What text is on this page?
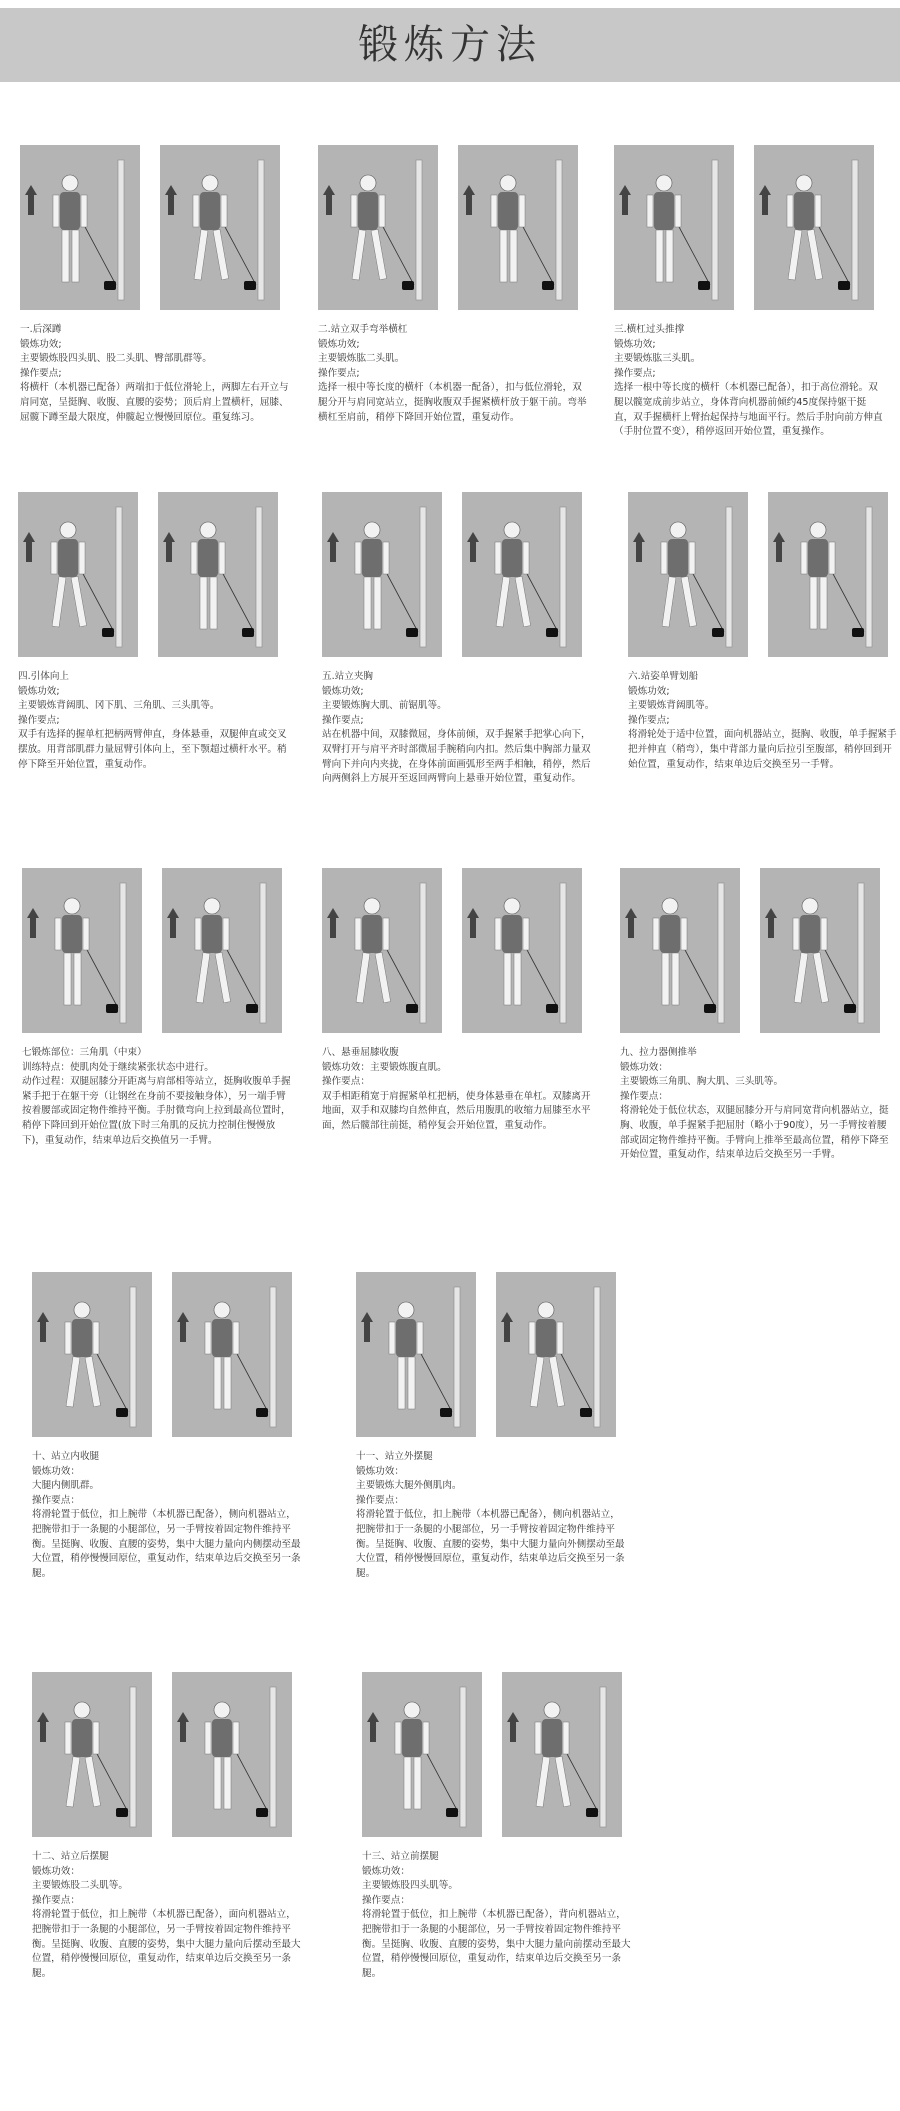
锻炼方法

一.后深蹲

锻炼功效;

主要锻炼股四头肌、股二头肌、臀部肌群等。

操作要点;

将横杆（本机器已配备）两端扣于低位滑轮上，两脚左右开立与肩同宽，呈挺胸、收腹、直腰的姿势；顶后肩上置横杆，屈膝、屈髋下蹲至最大限度，伸髋起立慢慢回原位。重复练习。

二.站立双手弯举横杠

锻炼功效;

主要锻炼肱二头肌。

操作要点;

选择一根中等长度的横杆（本机器一配备），扣与低位滑轮，双腿分开与肩同宽站立，挺胸收腹双手握紧横杆放于躯干前。弯举横杠至肩前，稍停下降回开始位置，重复动作。

三.横杠过头推撑

锻炼功效;

主要锻炼肱三头肌。

操作要点;

选择一根中等长度的横杆（本机器已配备），扣于高位滑轮。双腿以髋宽成前步站立，身体背向机器前倾约45度保持躯干挺直，双手握横杆上臂抬起保持与地面平行。然后手肘向前方伸直（手肘位置不变），稍停返回开始位置，重复操作。

四.引体向上

锻炼功效;

主要锻炼背阔肌、冈下肌、三角肌、三头肌等。

操作要点;

双手有选择的握单杠把柄两臂伸直，身体悬垂，双腿伸直或交叉摆放。用背部肌群力量屈臂引体向上，至下颚超过横杆水平。稍停下降至开始位置，重复动作。

五.站立夹胸

锻炼功效;

主要锻炼胸大肌、前锯肌等。

操作要点;

站在机器中间，双膝微屈，身体前倾，双手握紧手把掌心向下，双臂打开与肩平齐时部微屈手腕稍向内扣。然后集中胸部力量双臂向下并向内夹拢，在身体前面画弧形至两手相触，稍停，然后向两侧斜上方展开至返回两臂向上悬垂开始位置，重复动作。

六.站姿单臂划船

锻炼功效;

主要锻炼背阔肌等。

操作要点;

将滑轮处于适中位置，面向机器站立，挺胸、收腹，单手握紧手把并伸直（稍弯），集中背部力量向后拉引至腹部，稍停回到开始位置，重复动作，结束单边后交换至另一手臂。

七锻炼部位：三角肌（中束）

训练特点：使肌肉处于继续紧张状态中进行。

动作过程：双腿屈膝分开距离与肩部相等站立，挺胸收腹单手握紧手把于在躯干旁（让钢丝在身前不要接触身体），另一端手臂按着腰部或固定物件维持平衡。手肘微弯向上拉到最高位置时，稍停下降回到开始位置(放下时三角肌的反抗力控制住慢慢放下)，重复动作，结束单边后交换值另一手臂。

八、悬垂屈膝收腹

锻炼功效：主要锻炼腹直肌。

操作要点：

双手相距稍宽于肩握紧单杠把柄，使身体悬垂在单杠。双膝离开地面，双手和双膝均自然伸直，然后用腹肌的收缩力屈膝至水平面，然后髋部往前挺，稍停复会开始位置，重复动作。

九、拉力器侧推举

锻炼功效：

主要锻炼三角肌、胸大肌、三头肌等。

操作要点：

将滑轮处于低位状态，双腿屈膝分开与肩同宽背向机器站立，挺胸、收腹，单手握紧手把屈肘（略小于90度），另一手臂按着腰部或固定物件维持平衡。手臂向上推举至最高位置，稍停下降至开始位置，重复动作，结束单边后交换至另一手臂。

十、站立内收腿

锻炼功效：

大腿内侧肌群。

操作要点：

将滑轮置于低位，扣上腕带（本机器已配备），侧向机器站立，把腕带扣于一条腿的小腿部位，另一手臂按着固定物件维持平衡。呈挺胸、收腹、直腰的姿势，集中大腿力量向内侧摆动至最大位置，稍停慢慢回原位，重复动作，结束单边后交换至另一条腿。

十一、站立外摆腿

锻炼功效：

主要锻炼大腿外侧肌肉。

操作要点：

将滑轮置于低位，扣上腕带（本机器已配备），侧向机器站立，把腕带扣于一条腿的小腿部位，另一手臂按着固定物件维持平衡。呈挺胸、收腹、直腰的姿势，集中大腿力量向外侧摆动至最大位置，稍停慢慢回原位，重复动作，结束单边后交换至另一条腿。

十二、站立后摆腿

锻炼功效：

主要锻炼股二头肌等。

操作要点：

将滑轮置于低位，扣上腕带（本机器已配备），面向机器站立，把腕带扣于一条腿的小腿部位，另一手臂按着固定物件维持平衡。呈挺胸、收腹、直腰的姿势，集中大腿力量向后摆动至最大位置，稍停慢慢回原位，重复动作，结束单边后交换至另一条腿。

十三、站立前摆腿

锻炼功效：

主要锻炼股四头肌等。

操作要点：

将滑轮置于低位，扣上腕带（本机器已配备），背向机器站立，把腕带扣于一条腿的小腿部位，另一手臂按着固定物件维持平衡。呈挺胸、收腹、直腰的姿势，集中大腿力量向前摆动至最大位置，稍停慢慢回原位，重复动作，结束单边后交换至另一条腿。
